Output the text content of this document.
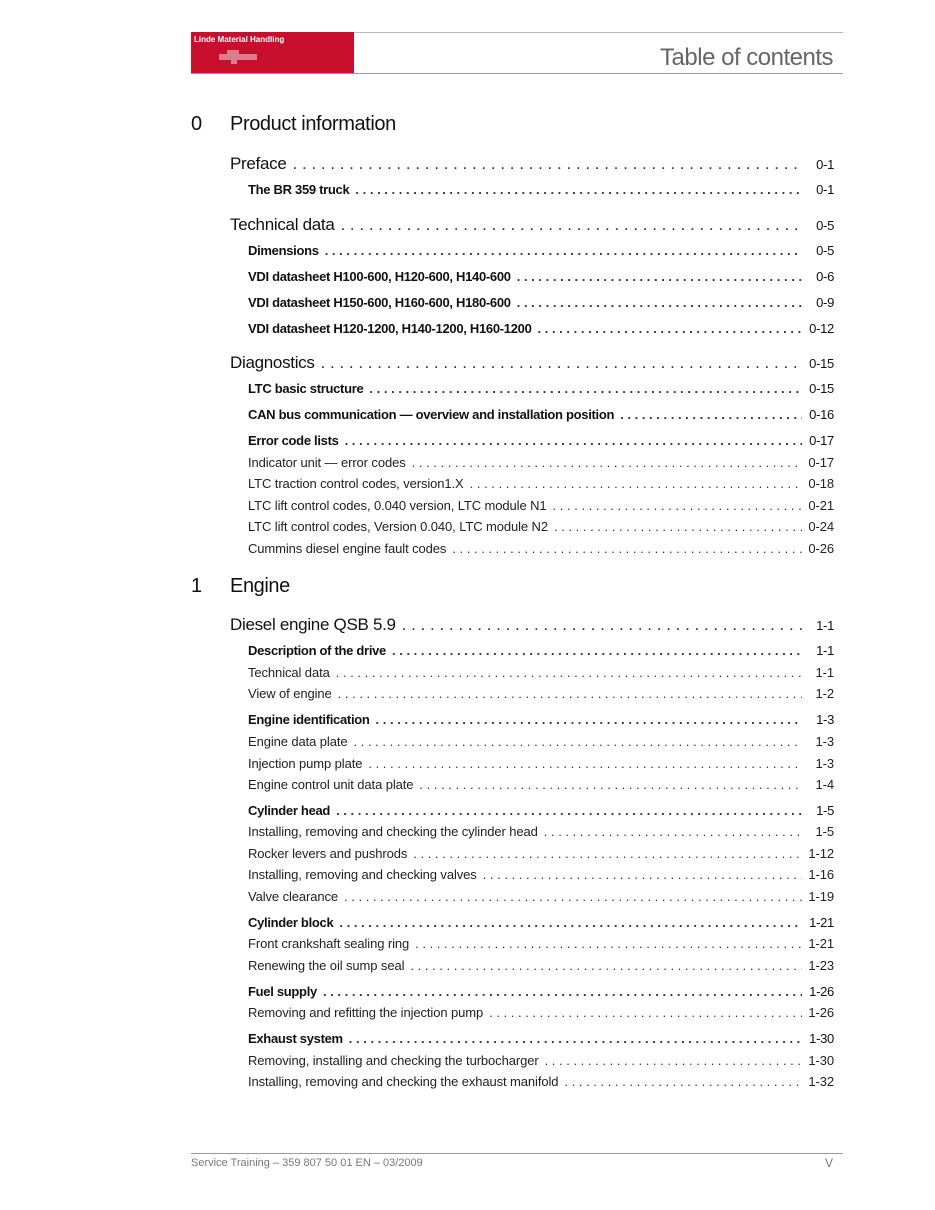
Linde Material Handling
Table of contents
0 Product information
Preface . . .	0-1
The BR 359 truck . . .	0-1
Technical data . . .	0-5
Dimensions . . .	0-5
VDI datasheet H100-600, H120-600, H140-600 . . .	0-6
VDI datasheet H150-600, H160-600, H180-600 . . .	0-9
VDI datasheet H120-1200, H140-1200, H160-1200 . . .	0-12
Diagnostics . . .	0-15
LTC basic structure . . .	0-15
CAN bus communication — overview and installation position . . .	0-16
Error code lists . . .	0-17
Indicator unit — error codes . . .	0-17
LTC traction control codes, version1.X . . .	0-18
LTC lift control codes, 0.040 version, LTC module N1 . . .	0-21
LTC lift control codes, Version 0.040, LTC module N2 . . .	0-24
Cummins diesel engine fault codes . . .	0-26
1 Engine
Diesel engine QSB 5.9 . . .	1-1
Description of the drive . . .	1-1
Technical data . . .	1-1
View of engine . . .	1-2
Engine identification . . .	1-3
Engine data plate . . .	1-3
Injection pump plate . . .	1-3
Engine control unit data plate . . .	1-4
Cylinder head . . .	1-5
Installing, removing and checking the cylinder head . . .	1-5
Rocker levers and pushrods . . .	1-12
Installing, removing and checking valves . . .	1-16
Valve clearance . . .	1-19
Cylinder block . . .	1-21
Front crankshaft sealing ring . . .	1-21
Renewing the oil sump seal . . .	1-23
Fuel supply . . .	1-26
Removing and refitting the injection pump . . .	1-26
Exhaust system . . .	1-30
Removing, installing and checking the turbocharger . . .	1-30
Installing, removing and checking the exhaust manifold . . .	1-32
Service Training – 359 807 50 01 EN – 03/2009	V
